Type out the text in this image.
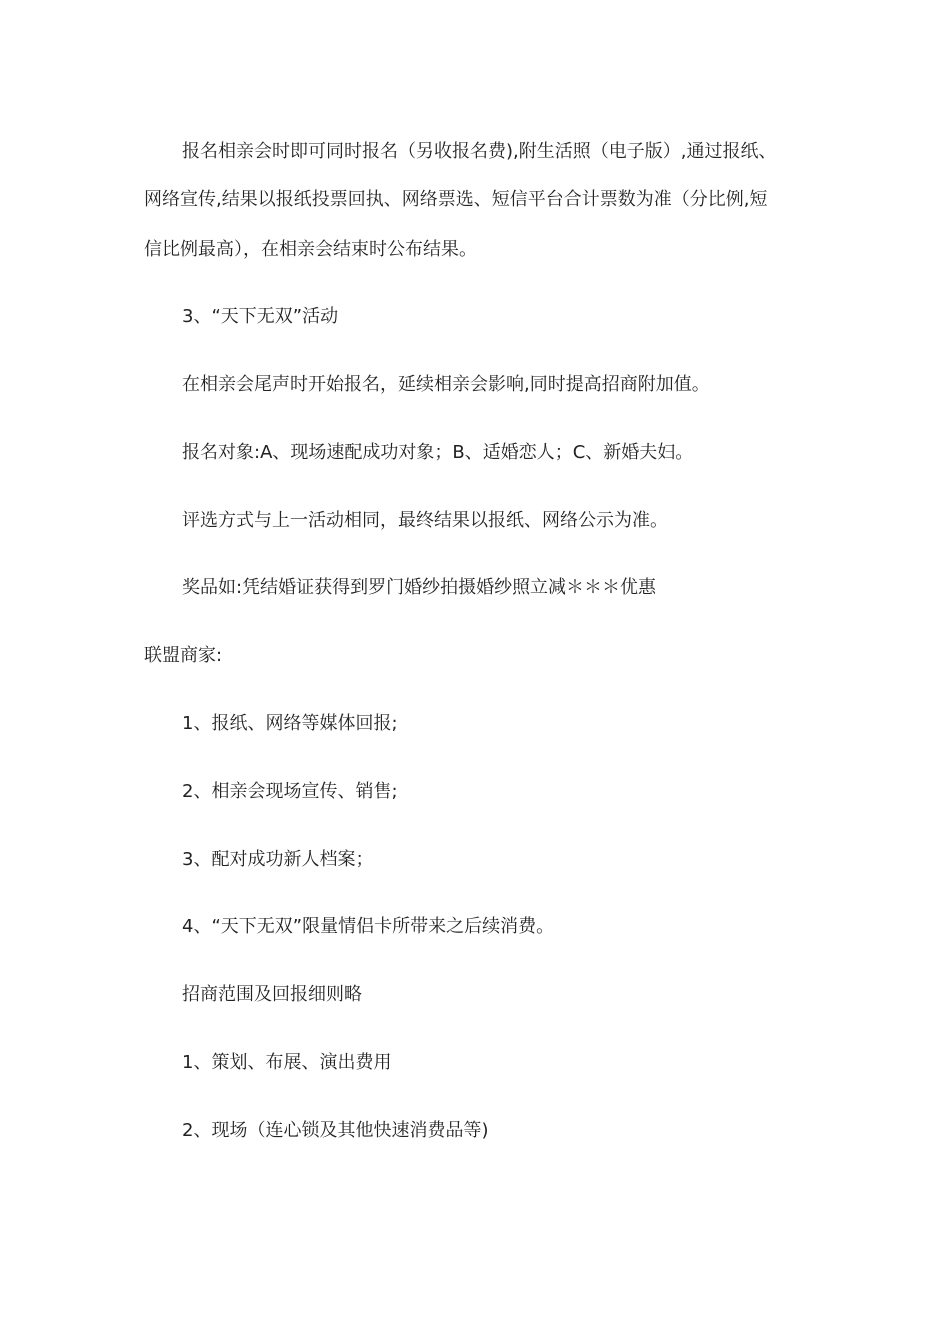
报名相亲会时即可同时报名（另收报名费),附生活照（电子版）,通过报纸、
网络宣传,结果以报纸投票回执、网络票选、短信平台合计票数为准（分比例,短
信比例最高），在相亲会结束时公布结果。
3、“天下无双”活动
在相亲会尾声时开始报名，延续相亲会影响,同时提高招商附加值。
报名对象:A、现场速配成功对象；B、适婚恋人；C、新婚夫妇。
评选方式与上一活动相同，最终结果以报纸、网络公示为准。
奖品如:凭结婚证获得到罗门婚纱拍摄婚纱照立减＊＊＊优惠
联盟商家:
1、报纸、网络等媒体回报;
2、相亲会现场宣传、销售;
3、配对成功新人档案；
4、“天下无双”限量情侣卡所带来之后续消费。
招商范围及回报细则略
1、策划、布展、演出费用
2、现场（连心锁及其他快速消费品等)
